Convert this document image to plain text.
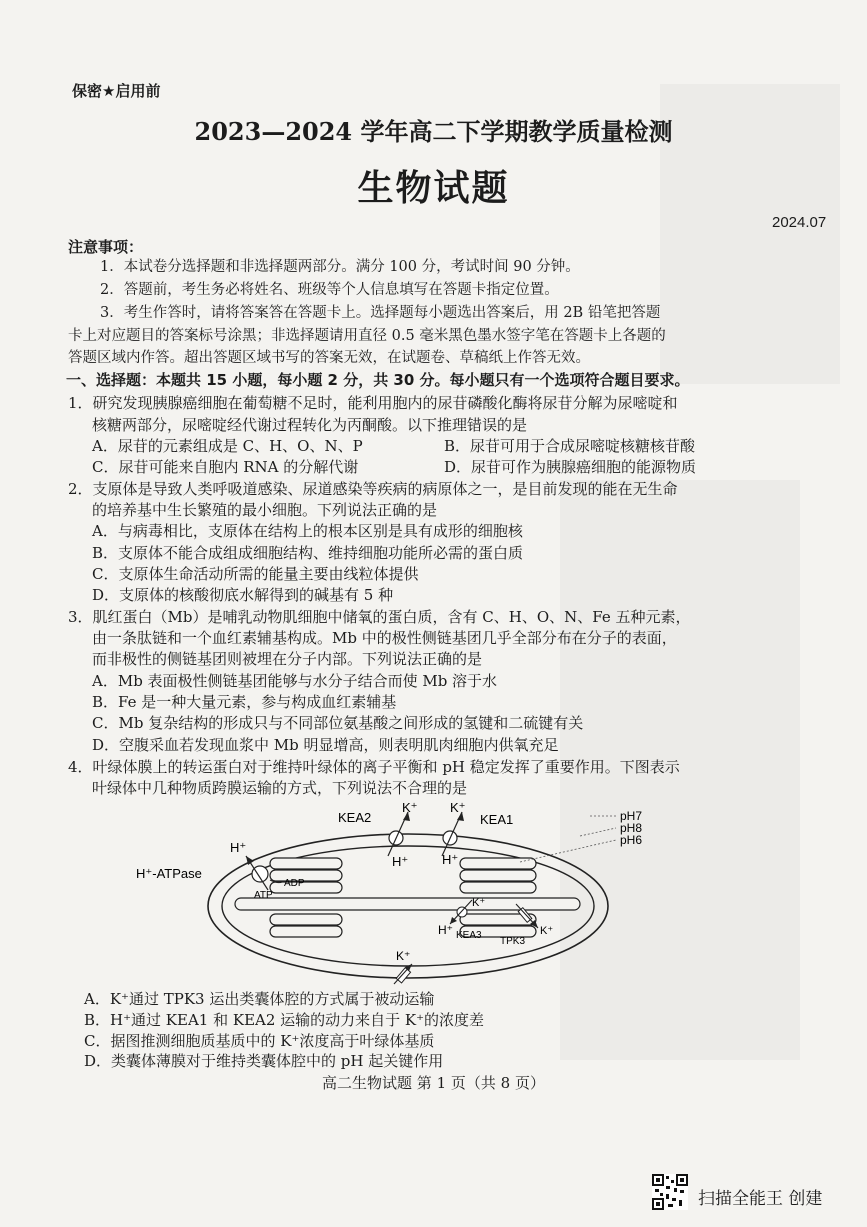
保密★启用前
2023—2024 学年高二下学期教学质量检测
生物试题
2024.07
注意事项：
1．本试卷分选择题和非选择题两部分。满分 100 分，考试时间 90 分钟。
2．答题前，考生务必将姓名、班级等个人信息填写在答题卡指定位置。
3．考生作答时，请将答案答在答题卡上。选择题每小题选出答案后，用 2B 铅笔把答题
卡上对应题目的答案标号涂黑；非选择题请用直径 0.5 毫米黑色墨水签字笔在答题卡上各题的
答题区域内作答。超出答题区域书写的答案无效，在试题卷、草稿纸上作答无效。
一、选择题：本题共 15 小题，每小题 2 分，共 30 分。每小题只有一个选项符合题目要求。
1．研究发现胰腺癌细胞在葡萄糖不足时，能利用胞内的尿苷磷酸化酶将尿苷分解为尿嘧啶和
核糖两部分，尿嘧啶经代谢过程转化为丙酮酸。以下推理错误的是
A．尿苷的元素组成是 C、H、O、N、P	B．尿苷可用于合成尿嘧啶核糖核苷酸
C．尿苷可能来自胞内 RNA 的分解代谢	D．尿苷可作为胰腺癌细胞的能源物质
2．支原体是导致人类呼吸道感染、尿道感染等疾病的病原体之一，是目前发现的能在无生命
的培养基中生长繁殖的最小细胞。下列说法正确的是
A．与病毒相比，支原体在结构上的根本区别是具有成形的细胞核
B．支原体不能合成组成细胞结构、维持细胞功能所必需的蛋白质
C．支原体生命活动所需的能量主要由线粒体提供
D．支原体的核酸彻底水解得到的碱基有 5 种
3．肌红蛋白（Mb）是哺乳动物肌细胞中储氧的蛋白质，含有 C、H、O、N、Fe 五种元素，
由一条肽链和一个血红素辅基构成。Mb 中的极性侧链基团几乎全部分布在分子的表面，
而非极性的侧链基团则被埋在分子内部。下列说法正确的是
A．Mb 表面极性侧链基团能够与水分子结合而使 Mb 溶于水
B．Fe 是一种大量元素，参与构成血红素辅基
C．Mb 复杂结构的形成只与不同部位氨基酸之间形成的氢键和二硫键有关
D．空腹采血若发现血浆中 Mb 明显增高，则表明肌肉细胞内供氧充足
4．叶绿体膜上的转运蛋白对于维持叶绿体的离子平衡和 pH 稳定发挥了重要作用。下图表示
叶绿体中几种物质跨膜运输的方式，下列说法不合理的是
KEA2
K⁺
H⁺
KEA1
K⁺
H⁺
H⁺-ATPase
H⁺
ADP
ATP
K⁺
H⁺ KEA3	K⁺
TPK3
K⁺
pH7
pH8
pH6
A．K⁺通过 TPK3 运出类囊体腔的方式属于被动运输
B．H⁺通过 KEA1 和 KEA2 运输的动力来自于 K⁺的浓度差
C．据图推测细胞质基质中的 K⁺浓度高于叶绿体基质
D．类囊体薄膜对于维持类囊体腔中的 pH 起关键作用
高二生物试题 第 1 页（共 8 页）
扫描全能王 创建
